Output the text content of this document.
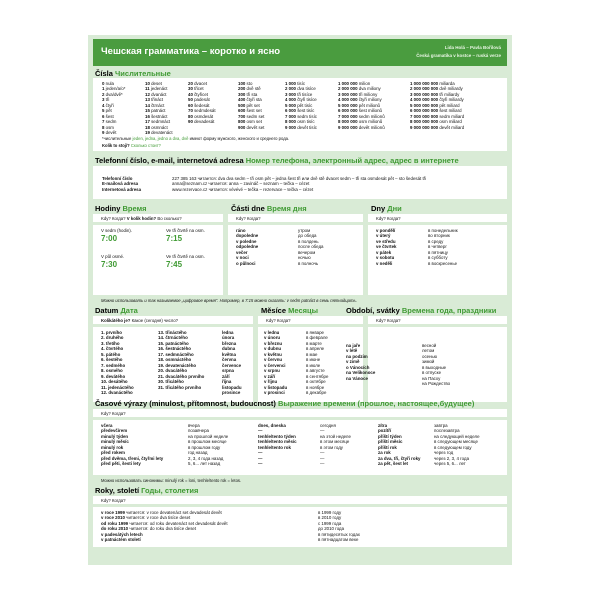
Чешская грамматика – коротко и ясно	Lida Holá – Pavla Bořilová
Česká gramatika v kostce – ruská verze
Čísla Числительные
0 nula
1 jeden/a/o*
2 dva/dvě*
3 tři
4 čtyři
5 pět
6 šest
7 sedm
8 osm
9 devět
10 deset
11 jedenáct
12 dvanáct
13 třináct
14 čtrnáct
15 patnáct
16 šestnáct
17 sedmnáct
18 osmnáct
19 devatenáct
20 dvacet
30 třicet
40 čtyřicet
50 padesát
60 šedesát
70 sedmdesát
80 osmdesát
90 devadesát
100 sto
200 dvě stě
300 tři sta
400 čtyři sta
500 pět set
600 šest set
700 sedm set
800 osm set
900 devět set
1 000 tisíc
2 000 dva tisíce
3 000 tři tisíce
4 000 čtyři tisíce
5 000 pět tisíc
6 000 šest tisíc
7 000 sedm tisíc
8 000 osm tisíc
9 000 devět tisíc
1 000 000 milion
2 000 000 dva miliony
3 000 000 tři miliony
4 000 000 čtyři miliony
5 000 000 pět milionů
6 000 000 šest milionů
7 000 000 sedm milionů
8 000 000 osm milionů
9 000 000 devět milionů
1 000 000 000 miliarda
2 000 000 000 dvě miliardy
3 000 000 000 tři miliardy
4 000 000 000 čtyři miliardy
5 000 000 000 pět miliard
6 000 000 000 šest miliard
7 000 000 000 sedm miliard
8 000 000 000 osm miliard
9 000 000 000 devět miliard
*числительные jeden, jedna, jedno a dva, dvě имеют форму мужского, женского и среднего рода.
Kolik to stojí? Сколько стоит?
Telefonní číslo, e-mail, internetová adresa Номер телефона, электронный адрес, адрес в интернете
Telefonní číslo
E-mailová adresa
Internetová adresa
227 385 163 читается: dva dva sedm – tři osm pět – jedna šest tři или dvě stě dvacet sedm – tři sta osmdesát pět – sto šedesát tři
anna@seznam.cz читается: anna – zavináč – seznam – tečka – cézet
www.rezervace.cz читается: vévévé – tečka – rezervace – tečka – cézet
Hodiny Время
Kdy? Когда? V kolik hodin? Во сколько?
V sedm (hodin).
7:00
Ve tři čtvrtě na osm.
7:15
V půl osmé.
7:30
Ve tři čtvrtě na osm.
7:45
Části dne Время дня
Kdy? Когда?
ráno
dopoledne
v poledne
odpoledne
večer
v noci
o půlnoci
утром
до обеда
в полдень
после обеда
вечером
ночью
в полночь
Dny Дни
Kdy? Когда?
v pondělí
v úterý
ve středu
ve čtvrtek
v pátek
v sobotu
v neděli
в понедельник
во вторник
в среду
в четверг
в пятницу
в субботу
в воскресенье
Можно использовать и так называемое „цифровое время“. Например, в 7:15 можно сказать: v sedm patnáct в семь пятнадцать.
Datum Дата
Kolikátého je? Какое (сегодня) число?
1. prvního
2. druhého
3. třetího
4. čtvrtého
5. pátého
6. šestého
7. sedmého
8. osmého
9. devátého
10. desátého
11. jedenáctého
12. dvanáctého
13. třináctého
14. čtrnáctého
15. patnáctého
16. šestnáctého
17. sedmnáctého
18. osmnáctého
19. devatenáctého
20. dvacátého
21. dvacátého prvního
30. třicátého
31. třicátého prvního
Měsíce Месяцы
Kdy? Когда?
ledna
února
března
dubna
května
června
července
srpna
září
října
listopadu
prosince
v lednu
v únoru
v březnu
v dubnu
v květnu
v červnu
v červenci
v srpnu
v září
v říjnu
v listopadu
v prosinci
в январе
в феврале
в марте
в апреле
в мае
в июне
в июле
в августе
в сентябре
в октябре
в ноябре
в декабре
Období, svátky Времена года, праздники
Kdy? Когда?
na jaře
v létě
na podzim
v zimě
o Vánocích
na Velikonoce
na Vánoce
весной
летом
осенью
зимой
в выходные
в отпуске
на Пасху
на Рождество
Časové výrazy (minulost, přítomnost, budoucnost) Выражение времени (прошлое, настоящее,будущее)
Kdy? Когда?
včera
předevčírem
minulý týden
minulý měsíc
minulý rok
před rokem
před dvěma, třemi, čtyřmi lety
před pěti, šesti lety
вчера
позавчера
на прошлой неделе
в прошлом месяце
в прошлом году
год назад
2, 3, 4 года назад
5, 6... лет назад
dnes, dneska
—
tenhle/tento týden
tenhle/tento měsíc
tenhle/tento rok
—
—
—
сегодня
—
на этой неделе
в этом месяце
в этом году
—
—
—
zítra
pozítří
příští týden
příští měsíc
příští rok
za rok
za dva, tři, čtyři roky
za pět, šest let
завтра
послезавтра
на следующей неделе
в следующем месяце
в следующем году
через год
через 2, 3, 4 года
через 5, 6... лет
Можно использовать синонимы: minulý rok = loni, tenhle/tento rok = letos.
Roky, století Годы, столетия
Kdy? Когда?
v roce 1999 читается: v roce devatenáct set devadesát devět
v roce 2010 читается: v roce dva tisíce deset
od roku 1999 читается: od roku devatenáct set devadesát devět
do roku 2010 читается: do roku dva tisíce deset
v padesátých letech
v patnáctém století
в 1999 году
в 2010 году
с 1999 года
до 2010 года
в пятидесятых годах
в пятнадцатом веке
